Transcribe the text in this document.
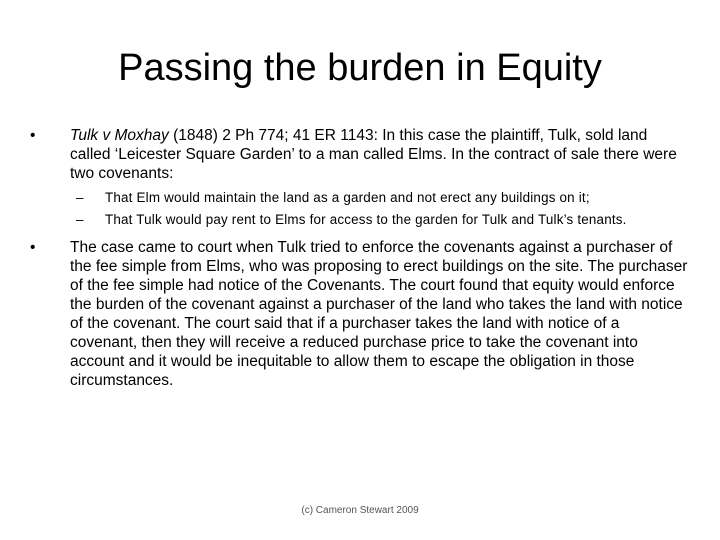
Passing the burden in Equity
•	Tulk v Moxhay (1848) 2 Ph 774; 41 ER 1143: In this case the plaintiff, Tulk, sold land called ‘Leicester Square Garden’ to a man called Elms. In the contract of sale there were two covenants:
– That Elm would maintain the land as a garden and not erect any buildings on it;
– That Tulk would pay rent to Elms for access to the garden for Tulk and Tulk’s tenants.
•	The case came to court when Tulk tried to enforce the covenants against a purchaser of the fee simple from Elms, who was proposing to erect buildings on the site. The purchaser of the fee simple had notice of the Covenants. The court found that equity would enforce the burden of the covenant against a purchaser of the land who takes the land with notice of the covenant. The court said that if a purchaser takes the land with notice of a covenant, then they will receive a reduced purchase price to take the covenant into account and it would be inequitable to allow them to escape the obligation in those circumstances.
(c) Cameron Stewart 2009
